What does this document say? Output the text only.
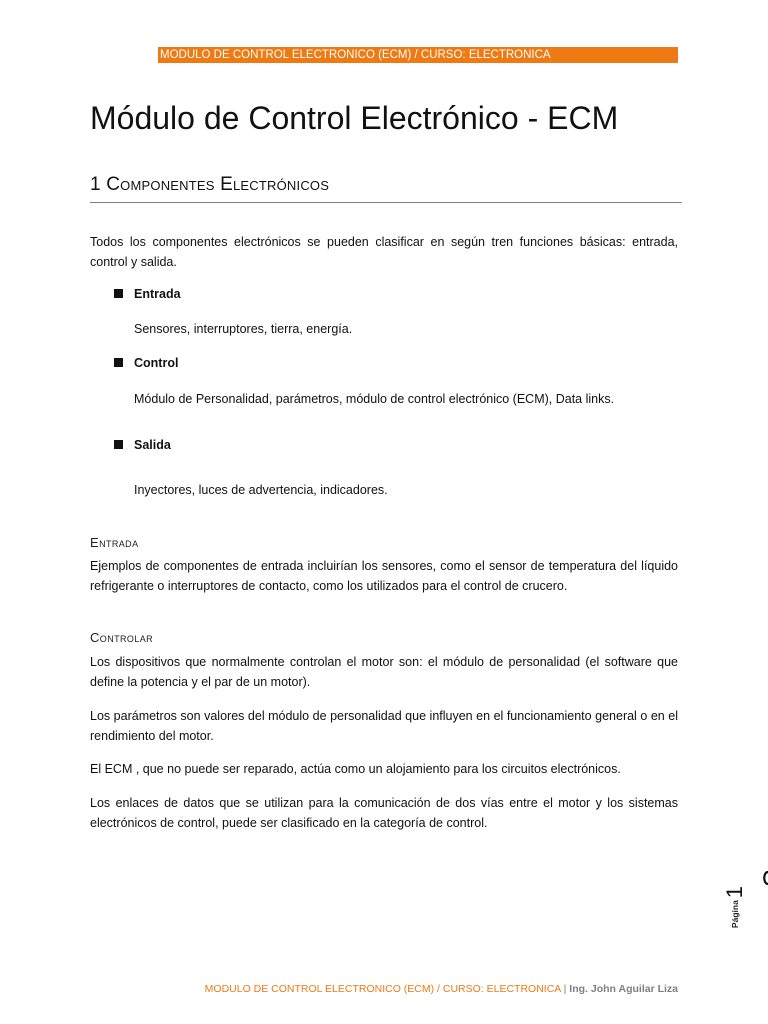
MODULO DE CONTROL ELECTRONICO (ECM) / CURSO: ELECTRONICA
Módulo de Control Electrónico - ECM
1 Componentes Electrónicos

Todos los componentes electrónicos se pueden clasificar en según tren funciones básicas: entrada, control y salida.

Entrada
Sensores, interruptores, tierra, energía.
Control
Módulo de Personalidad, parámetros, módulo de control electrónico (ECM), Data links.
Salida
Inyectores, luces de advertencia, indicadores.
Entrada

Ejemplos de componentes de entrada incluirían los sensores, como el sensor de temperatura del líquido refrigerante o interruptores de contacto, como los utilizados para el control de crucero.

Controlar

Los dispositivos que normalmente controlan el motor son: el módulo de personalidad (el software que define la potencia y el par de un motor).

Los parámetros son valores del módulo de personalidad que influyen en el funcionamiento general o en el rendimiento del motor.

El ECM , que no puede ser reparado, actúa como un alojamiento para los circuitos electrónicos.

Los enlaces de datos que se utilizan para la comunicación de dos vías entre el motor y los sistemas electrónicos de control, puede ser clasificado en la categoría de control.

Página
1
MODULO DE CONTROL ELECTRONICO (ECM) / CURSO: ELECTRONICA | Ing. John Aguilar Liza
